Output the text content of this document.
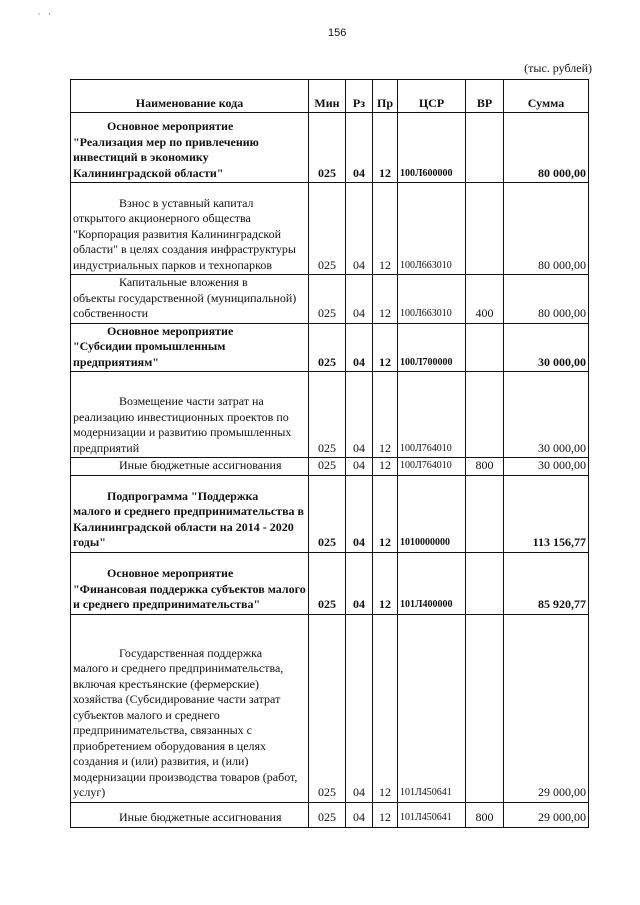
ʽ ʼ
156
(тыс. рублей)
Наименование кода	Мин	Рз	Пр	ЦСР	ВР	Сумма
Основное мероприятие
"Реализация мер по привлечению инвестиций в экономику Калининградской области"	025	04	12	100Л600000		80 000,00
Взнос в уставный капитал
открытого акционерного общества "Корпорация развития Калининградской области" в целях создания инфраструктуры индустриальных парков и технопарков	025	04	12	100Л663010		80 000,00
Капитальные вложения в
объекты государственной (муниципальной) собственности	025	04	12	100Л663010	400	80 000,00
Основное мероприятие
"Субсидии промышленным предприятиям"	025	04	12	100Л700000		30 000,00
Возмещение части затрат на
реализацию инвестиционных проектов по модернизации и развитию промышленных предприятий	025	04	12	100Л764010		30 000,00
Иные бюджетные ассигнования	025	04	12	100Л764010	800	30 000,00
Подпрограмма "Поддержка
малого и среднего предпринимательства в Калининградской области на 2014 - 2020 годы"	025	04	12	1010000000		113 156,77
Основное мероприятие
"Финансовая поддержка субъектов малого и среднего предпринимательства"	025	04	12	101Л400000		85 920,77
Государственная поддержка
малого и среднего предпринимательства, включая крестьянские (фермерские) хозяйства (Субсидирование части затрат субъектов малого и среднего предпринимательства, связанных с приобретением оборудования в целях создания и (или) развития, и (или) модернизации производства товаров (работ, услуг)	025	04	12	101Л450641		29 000,00
Иные бюджетные ассигнования	025	04	12	101Л450641	800	29 000,00
